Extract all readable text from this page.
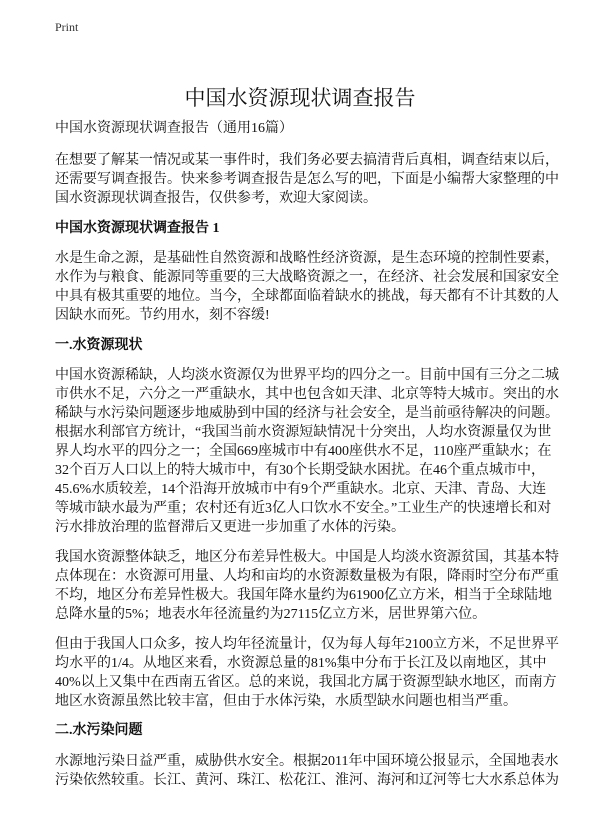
Print
中国水资源现状调查报告
中国水资源现状调查报告（通用16篇）
在想要了解某一情况或某一事件时，我们务必要去搞清背后真相，调查结束以后，
还需要写调查报告。快来参考调查报告是怎么写的吧，下面是小编帮大家整理的中
国水资源现状调查报告，仅供参考，欢迎大家阅读。
中国水资源现状调查报告 1
水是生命之源，是基础性自然资源和战略性经济资源，是生态环境的控制性要素，
水作为与粮食、能源同等重要的三大战略资源之一，在经济、社会发展和国家安全
中具有极其重要的地位。当今，全球都面临着缺水的挑战，每天都有不计其数的人
因缺水而死。节约用水，刻不容缓!
一.水资源现状
中国水资源稀缺，人均淡水资源仅为世界平均的四分之一。目前中国有三分之二城
市供水不足，六分之一严重缺水，其中也包含如天津、北京等特大城市。突出的水
稀缺与水污染问题逐步地威胁到中国的经济与社会安全，是当前亟待解决的问题。
根据水利部官方统计，“我国当前水资源短缺情况十分突出，人均水资源量仅为世
界人均水平的四分之一；全国669座城市中有400座供水不足，110座严重缺水；在
32个百万人口以上的特大城市中，有30个长期受缺水困扰。在46个重点城市中，
45.6%水质较差，14个沿海开放城市中有9个严重缺水。北京、天津、青岛、大连
等城市缺水最为严重；农村还有近3亿人口饮水不安全。”工业生产的快速增长和对
污水排放治理的监督滞后又更进一步加重了水体的污染。
我国水资源整体缺乏，地区分布差异性极大。中国是人均淡水资源贫国，其基本特
点体现在：水资源可用量、人均和亩均的水资源数量极为有限，降雨时空分布严重
不均，地区分布差异性极大。我国年降水量约为61900亿立方米，相当于全球陆地
总降水量的5%；地表水年径流量约为27115亿立方米，居世界第六位。
但由于我国人口众多，按人均年径流量计，仅为每人每年2100立方米，不足世界平
均水平的1/4。从地区来看，水资源总量的81%集中分布于长江及以南地区，其中
40%以上又集中在西南五省区。总的来说，我国北方属于资源型缺水地区，而南方
地区水资源虽然比较丰富，但由于水体污染，水质型缺水问题也相当严重。
二.水污染问题
水源地污染日益严重，威胁供水安全。根据2011年中国环境公报显示，全国地表水
污染依然较重。长江、黄河、珠江、松花江、淮河、海河和辽河等七大水系总体为
